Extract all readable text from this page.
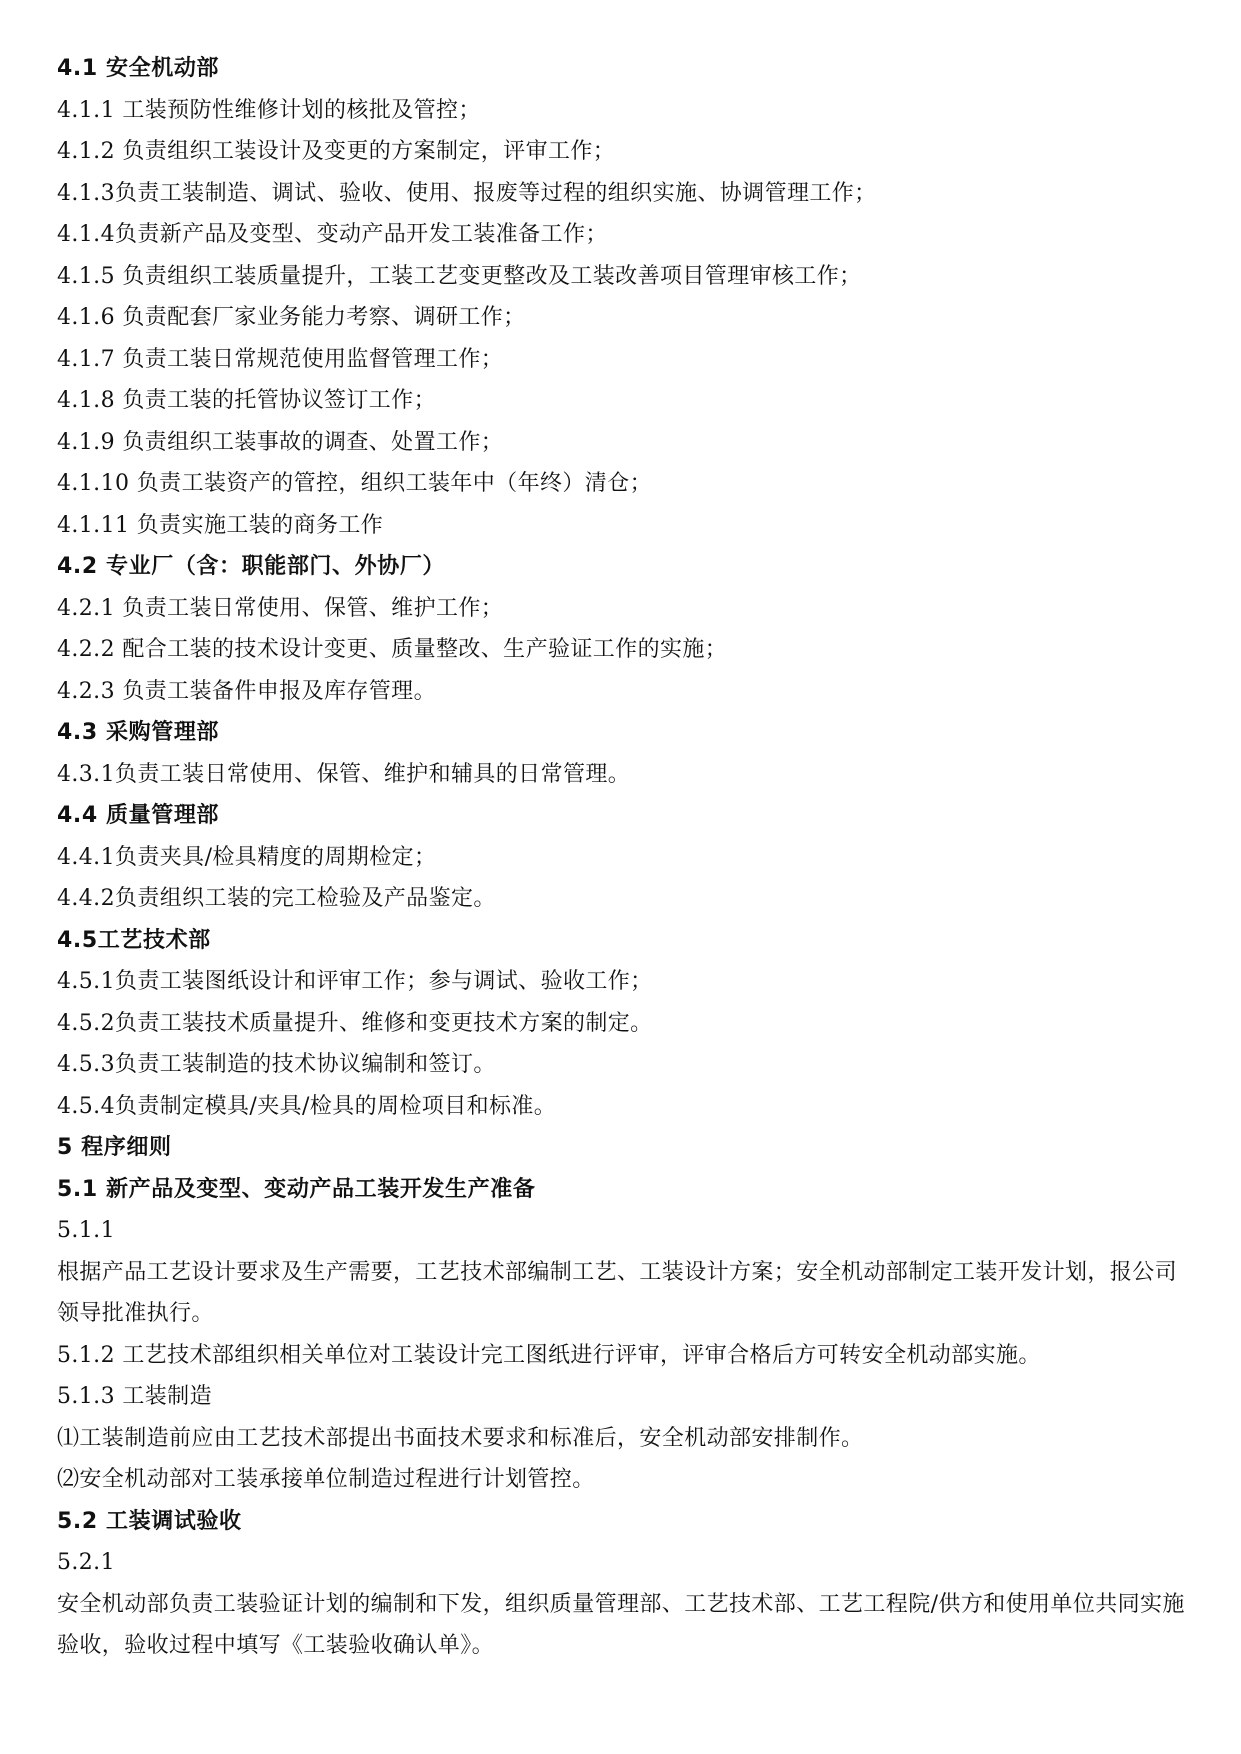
4.1 安全机动部
4.1.1 工装预防性维修计划的核批及管控；
4.1.2 负责组织工装设计及变更的方案制定，评审工作；
4.1.3负责工装制造、调试、验收、使用、报废等过程的组织实施、协调管理工作；
4.1.4负责新产品及变型、变动产品开发工装准备工作；
4.1.5 负责组织工装质量提升，工装工艺变更整改及工装改善项目管理审核工作；
4.1.6 负责配套厂家业务能力考察、调研工作；
4.1.7 负责工装日常规范使用监督管理工作；
4.1.8 负责工装的托管协议签订工作；
4.1.9 负责组织工装事故的调查、处置工作；
4.1.10 负责工装资产的管控，组织工装年中（年终）清仓；
4.1.11 负责实施工装的商务工作
4.2 专业厂（含：职能部门、外协厂）
4.2.1 负责工装日常使用、保管、维护工作；
4.2.2 配合工装的技术设计变更、质量整改、生产验证工作的实施；
4.2.3 负责工装备件申报及库存管理。
4.3 采购管理部
4.3.1负责工装日常使用、保管、维护和辅具的日常管理。
4.4 质量管理部
4.4.1负责夹具/检具精度的周期检定；
4.4.2负责组织工装的完工检验及产品鉴定。
4.5工艺技术部
4.5.1负责工装图纸设计和评审工作；参与调试、验收工作；
4.5.2负责工装技术质量提升、维修和变更技术方案的制定。
4.5.3负责工装制造的技术协议编制和签订。
4.5.4负责制定模具/夹具/检具的周检项目和标准。
5 程序细则
5.1 新产品及变型、变动产品工装开发生产准备
5.1.1
根据产品工艺设计要求及生产需要，工艺技术部编制工艺、工装设计方案；安全机动部制定工装开发计划，报公司领导批准执行。
5.1.2 工艺技术部组织相关单位对工装设计完工图纸进行评审，评审合格后方可转安全机动部实施。
5.1.3 工装制造
⑴工装制造前应由工艺技术部提出书面技术要求和标准后，安全机动部安排制作。
⑵安全机动部对工装承接单位制造过程进行计划管控。
5.2 工装调试验收
5.2.1
安全机动部负责工装验证计划的编制和下发，组织质量管理部、工艺技术部、工艺工程院/供方和使用单位共同实施验收，验收过程中填写《工装验收确认单》。
